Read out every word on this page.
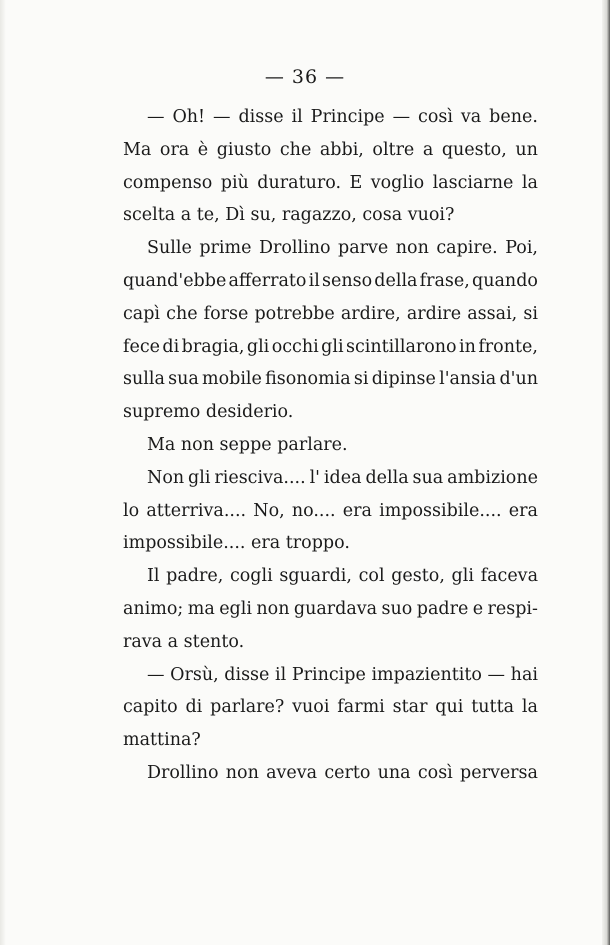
— 36 —
— Oh! — disse il Principe — così va bene.
Ma ora è giusto che abbi, oltre a questo, un
compenso più duraturo. E voglio lasciarne la
scelta a te, Dì su, ragazzo, cosa vuoi?
Sulle prime Drollino parve non capire. Poi,
quand'ebbe afferrato il senso della frase, quando
capì che forse potrebbe ardire, ardire assai, si
fece di bragia, gli occhi gli scintillarono in fronte,
sulla sua mobile fisonomia si dipinse l'ansia d'un
supremo desiderio.
Ma non seppe parlare.
Non gli riesciva.... l' idea della sua ambizione
lo atterriva.... No, no.... era impossibile.... era
impossibile.... era troppo.
Il padre, cogli sguardi, col gesto, gli faceva
animo; ma egli non guardava suo padre e respi-
rava a stento.
— Orsù, disse il Principe impazientito — hai
capito di parlare? vuoi farmi star qui tutta la
mattina?
Drollino non aveva certo una così perversa
